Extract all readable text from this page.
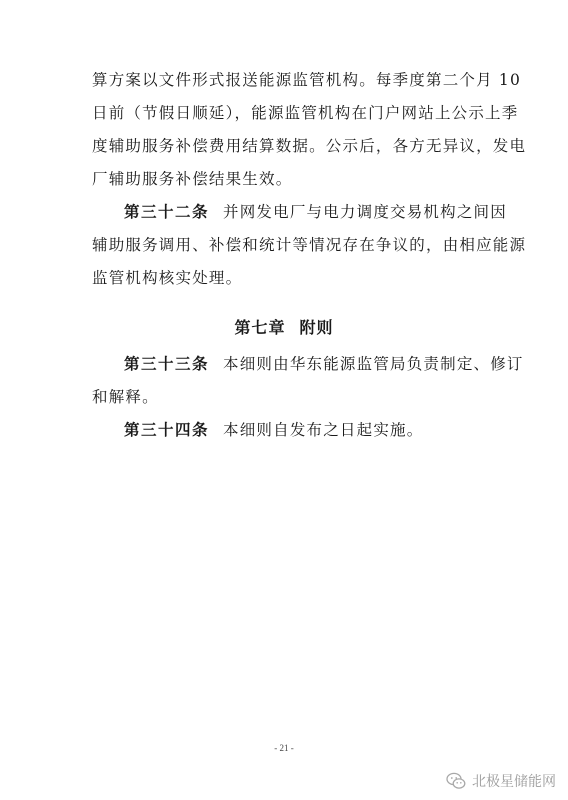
算方案以文件形式报送能源监管机构。每季度第二个月 10
日前（节假日顺延），能源监管机构在门户网站上公示上季
度辅助服务补偿费用结算数据。公示后，各方无异议，发电
厂辅助服务补偿结果生效。
第三十二条 并网发电厂与电力调度交易机构之间因
辅助服务调用、补偿和统计等情况存在争议的，由相应能源
监管机构核实处理。
第七章 附则
第三十三条 本细则由华东能源监管局负责制定、修订
和解释。
第三十四条 本细则自发布之日起实施。
- 21 -
北极星储能网
